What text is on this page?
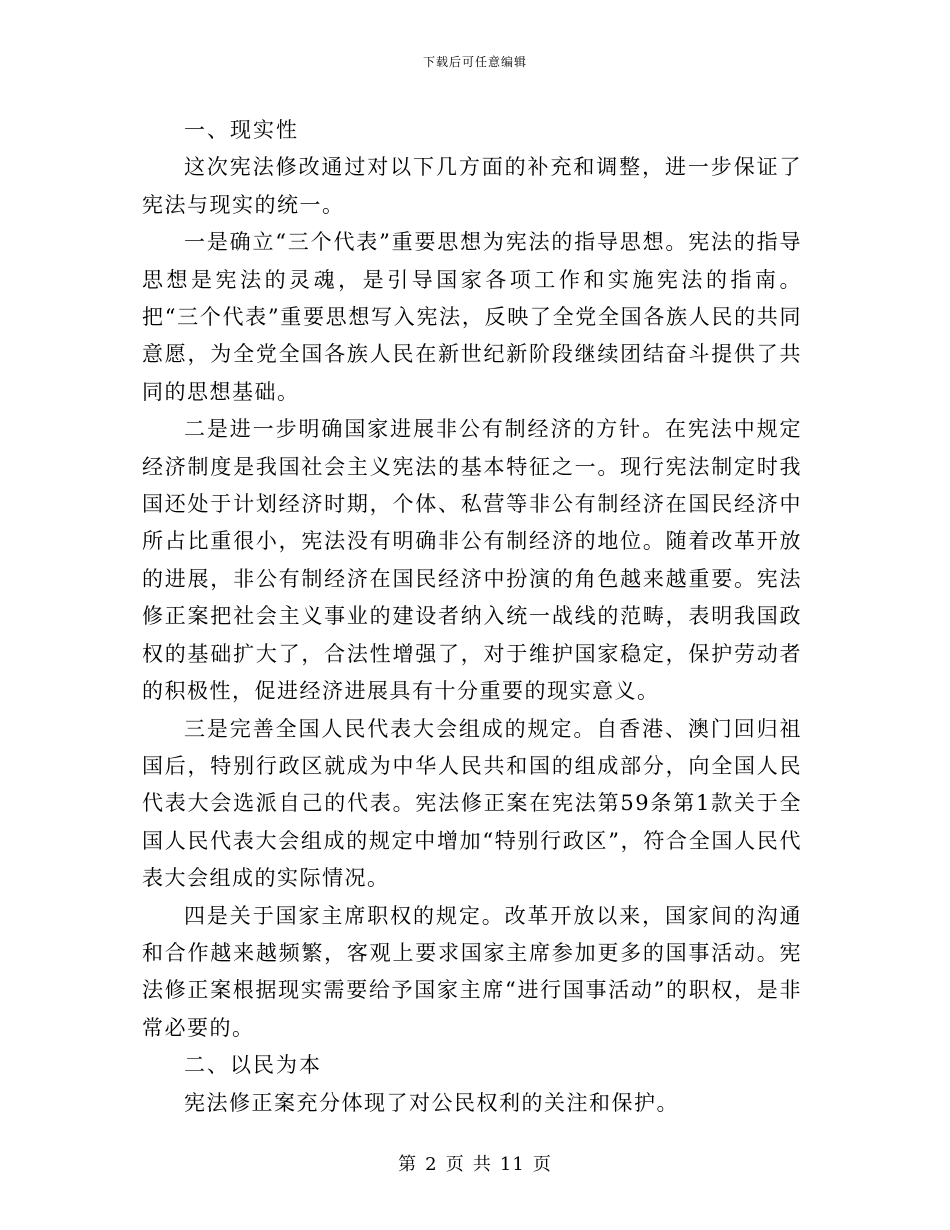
下载后可任意编辑

一、现实性

这次宪法修改通过对以下几方面的补充和调整，进一步保证了宪法与现实的统一。

一是确立“三个代表”重要思想为宪法的指导思想。宪法的指导思想是宪法的灵魂，是引导国家各项工作和实施宪法的指南。把“三个代表”重要思想写入宪法，反映了全党全国各族人民的共同意愿，为全党全国各族人民在新世纪新阶段继续团结奋斗提供了共同的思想基础。

二是进一步明确国家进展非公有制经济的方针。在宪法中规定经济制度是我国社会主义宪法的基本特征之一。现行宪法制定时我国还处于计划经济时期，个体、私营等非公有制经济在国民经济中所占比重很小，宪法没有明确非公有制经济的地位。随着改革开放的进展，非公有制经济在国民经济中扮演的角色越来越重要。宪法修正案把社会主义事业的建设者纳入统一战线的范畴，表明我国政权的基础扩大了，合法性增强了，对于维护国家稳定，保护劳动者的积极性，促进经济进展具有十分重要的现实意义。

三是完善全国人民代表大会组成的规定。自香港、澳门回归祖国后，特别行政区就成为中华人民共和国的组成部分，向全国人民代表大会选派自己的代表。宪法修正案在宪法第59条第1款关于全国人民代表大会组成的规定中增加“特别行政区”，符合全国人民代表大会组成的实际情况。

四是关于国家主席职权的规定。改革开放以来，国家间的沟通和合作越来越频繁，客观上要求国家主席参加更多的国事活动。宪法修正案根据现实需要给予国家主席“进行国事活动”的职权，是非常必要的。

二、以民为本

宪法修正案充分体现了对公民权利的关注和保护。

第 2 页 共 11 页
